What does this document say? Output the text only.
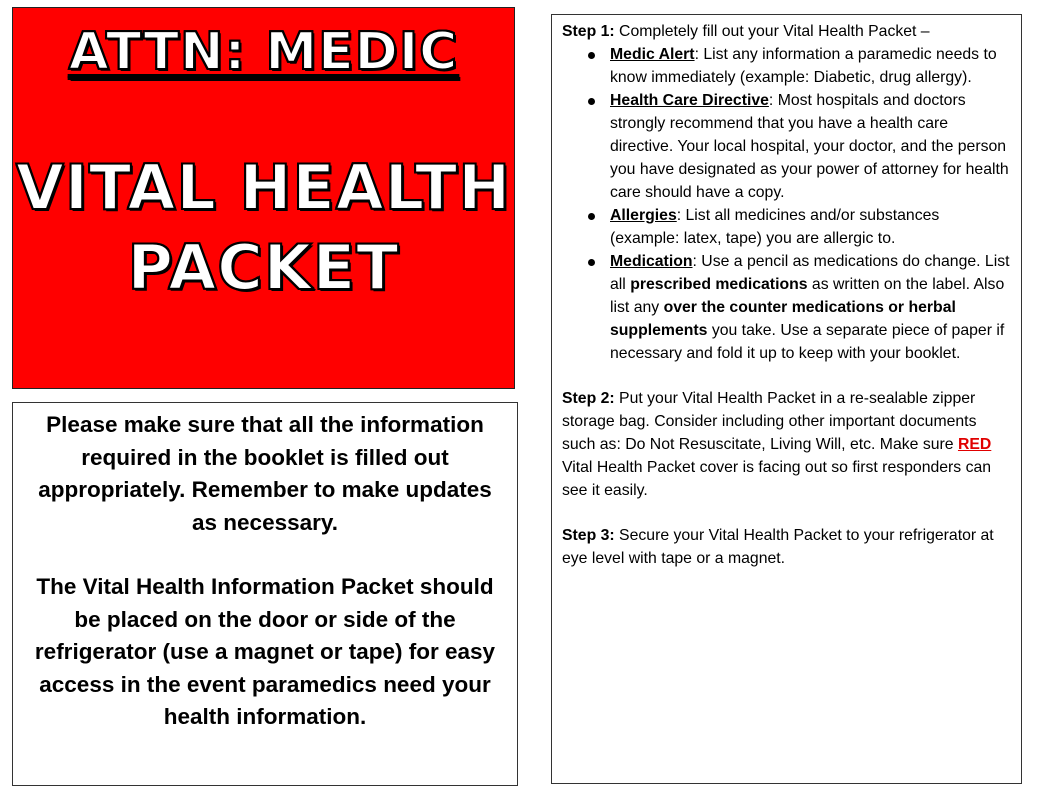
ATTN: MEDIC
VITAL HEALTH
PACKET

Please make sure that all the information required in the booklet is filled out appropriately. Remember to make updates as necessary.

The Vital Health Information Packet should be placed on the door or side of the refrigerator (use a magnet or tape) for easy access in the event paramedics need your health information.

Step 1: Completely fill out your Vital Health Packet –

Medic Alert: List any information a paramedic needs to know immediately (example: Diabetic, drug allergy).
Health Care Directive: Most hospitals and doctors strongly recommend that you have a health care directive. Your local hospital, your doctor, and the person you have designated as your power of attorney for health care should have a copy.
Allergies: List all medicines and/or substances (example: latex, tape) you are allergic to.
Medication: Use a pencil as medications do change. List all prescribed medications as written on the label. Also list any over the counter medications or herbal supplements you take. Use a separate piece of paper if necessary and fold it up to keep with your booklet.

Step 2: Put your Vital Health Packet in a re-sealable zipper storage bag. Consider including other important documents such as: Do Not Resuscitate, Living Will, etc. Make sure RED Vital Health Packet cover is facing out so first responders can see it easily.

Step 3: Secure your Vital Health Packet to your refrigerator at eye level with tape or a magnet.
